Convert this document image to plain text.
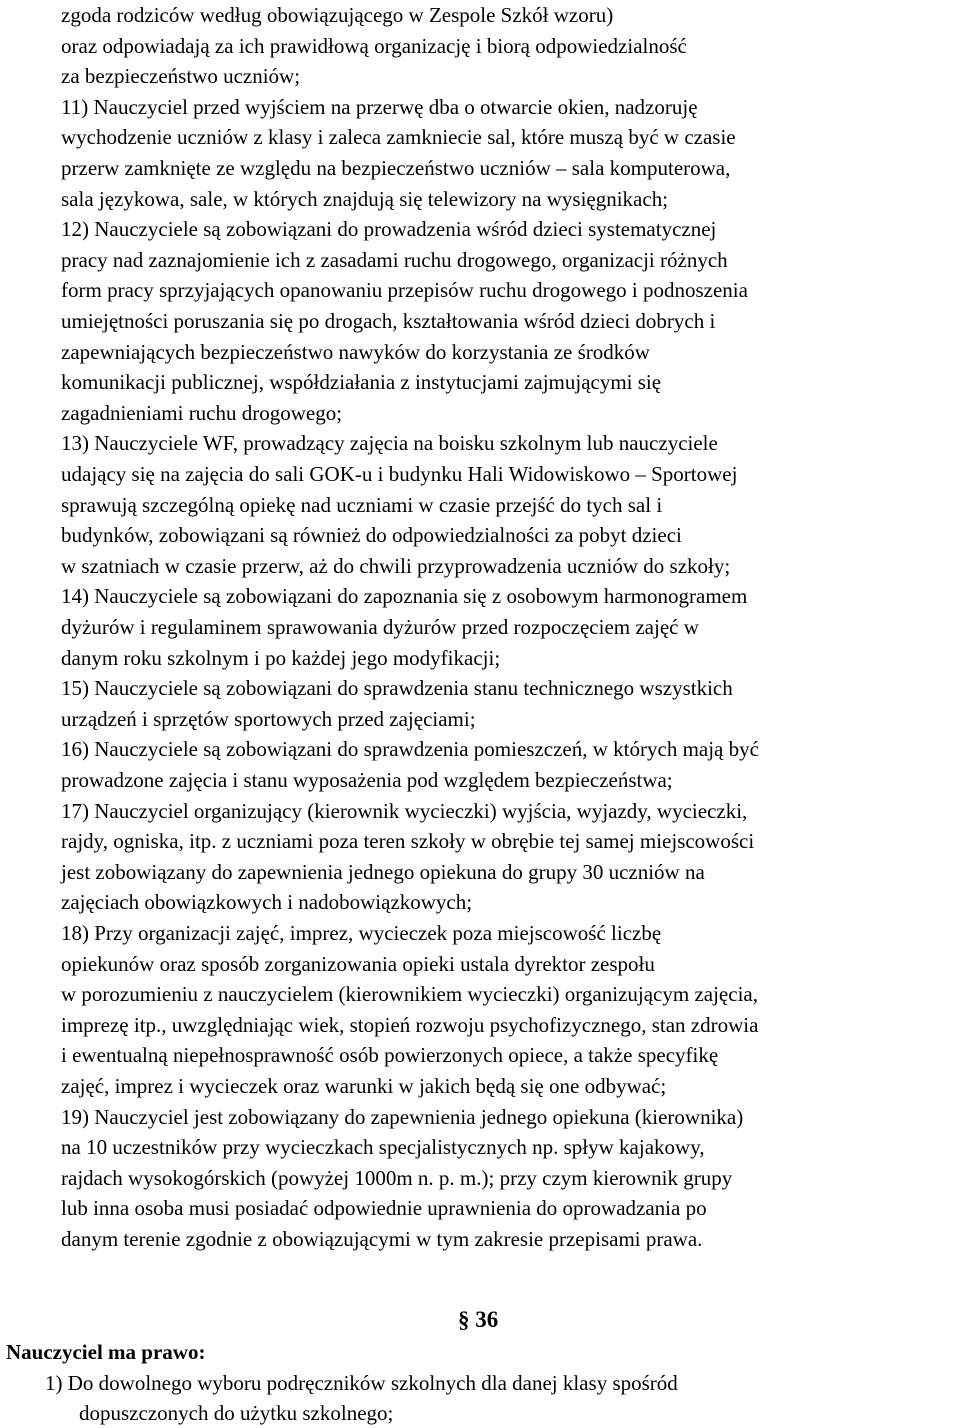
zgoda rodziców według obowiązującego w Zespole Szkół wzoru)
oraz odpowiadają za ich prawidłową organizację i biorą odpowiedzialność
za bezpieczeństwo uczniów;
11) Nauczyciel przed wyjściem na przerwę dba o otwarcie okien, nadzoruję
wychodzenie uczniów z klasy i zaleca zamkniecie sal, które muszą być w czasie
przerw zamknięte ze względu na bezpieczeństwo uczniów – sala komputerowa,
sala językowa, sale, w których znajdują się telewizory na wysięgnikach;
12) Nauczyciele są zobowiązani do prowadzenia wśród dzieci systematycznej
pracy nad zaznajomienie ich z zasadami ruchu drogowego, organizacji różnych
form pracy sprzyjających opanowaniu przepisów ruchu drogowego i podnoszenia
umiejętności poruszania się po drogach, kształtowania wśród dzieci dobrych i
zapewniających bezpieczeństwo nawyków do korzystania ze środków
komunikacji publicznej, współdziałania z instytucjami zajmującymi się
zagadnieniami ruchu drogowego;
13) Nauczyciele WF, prowadzący zajęcia na boisku szkolnym lub nauczyciele
udający się na zajęcia do sali GOK-u i budynku Hali Widowiskowo – Sportowej
sprawują szczególną opiekę nad uczniami w czasie przejść do tych sal i
budynków, zobowiązani są również do odpowiedzialności za pobyt dzieci
w szatniach w czasie przerw, aż do chwili przyprowadzenia uczniów do szkoły;
14) Nauczyciele są zobowiązani do zapoznania się z osobowym harmonogramem
dyżurów i regulaminem sprawowania dyżurów przed rozpoczęciem zajęć w
danym roku szkolnym i po każdej jego modyfikacji;
15) Nauczyciele są zobowiązani do sprawdzenia stanu technicznego wszystkich
urządzeń i sprzętów sportowych przed zajęciami;
16) Nauczyciele są zobowiązani do sprawdzenia pomieszczeń, w których mają być
prowadzone zajęcia i stanu wyposażenia pod względem bezpieczeństwa;
17) Nauczyciel organizujący (kierownik wycieczki) wyjścia, wyjazdy, wycieczki,
rajdy, ogniska, itp. z uczniami poza teren szkoły w obrębie tej samej miejscowości
jest zobowiązany do zapewnienia jednego opiekuna do grupy 30 uczniów na
zajęciach obowiązkowych i nadobowiązkowych;
18) Przy organizacji zajęć, imprez, wycieczek poza miejscowość liczbę
opiekunów oraz sposób zorganizowania opieki ustala dyrektor zespołu
w porozumieniu z nauczycielem (kierownikiem wycieczki) organizującym zajęcia,
imprezę itp., uwzględniając wiek, stopień rozwoju psychofizycznego, stan zdrowia
i ewentualną niepełnosprawność osób powierzonych opiece, a także specyfikę
zajęć, imprez i wycieczek oraz warunki w jakich będą się one odbywać;
19) Nauczyciel jest zobowiązany do zapewnienia jednego opiekuna (kierownika)
na 10 uczestników przy wycieczkach specjalistycznych np. spływ kajakowy,
rajdach wysokogórskich (powyżej 1000m n. p. m.); przy czym kierownik grupy
lub inna osoba musi posiadać odpowiednie uprawnienia do oprowadzania po
danym terenie zgodnie z obowiązującymi w tym zakresie przepisami prawa.
§ 36
Nauczyciel ma prawo:
1) Do dowolnego wyboru podręczników szkolnych dla danej klasy spośród
dopuszczonych do użytku szkolnego;
